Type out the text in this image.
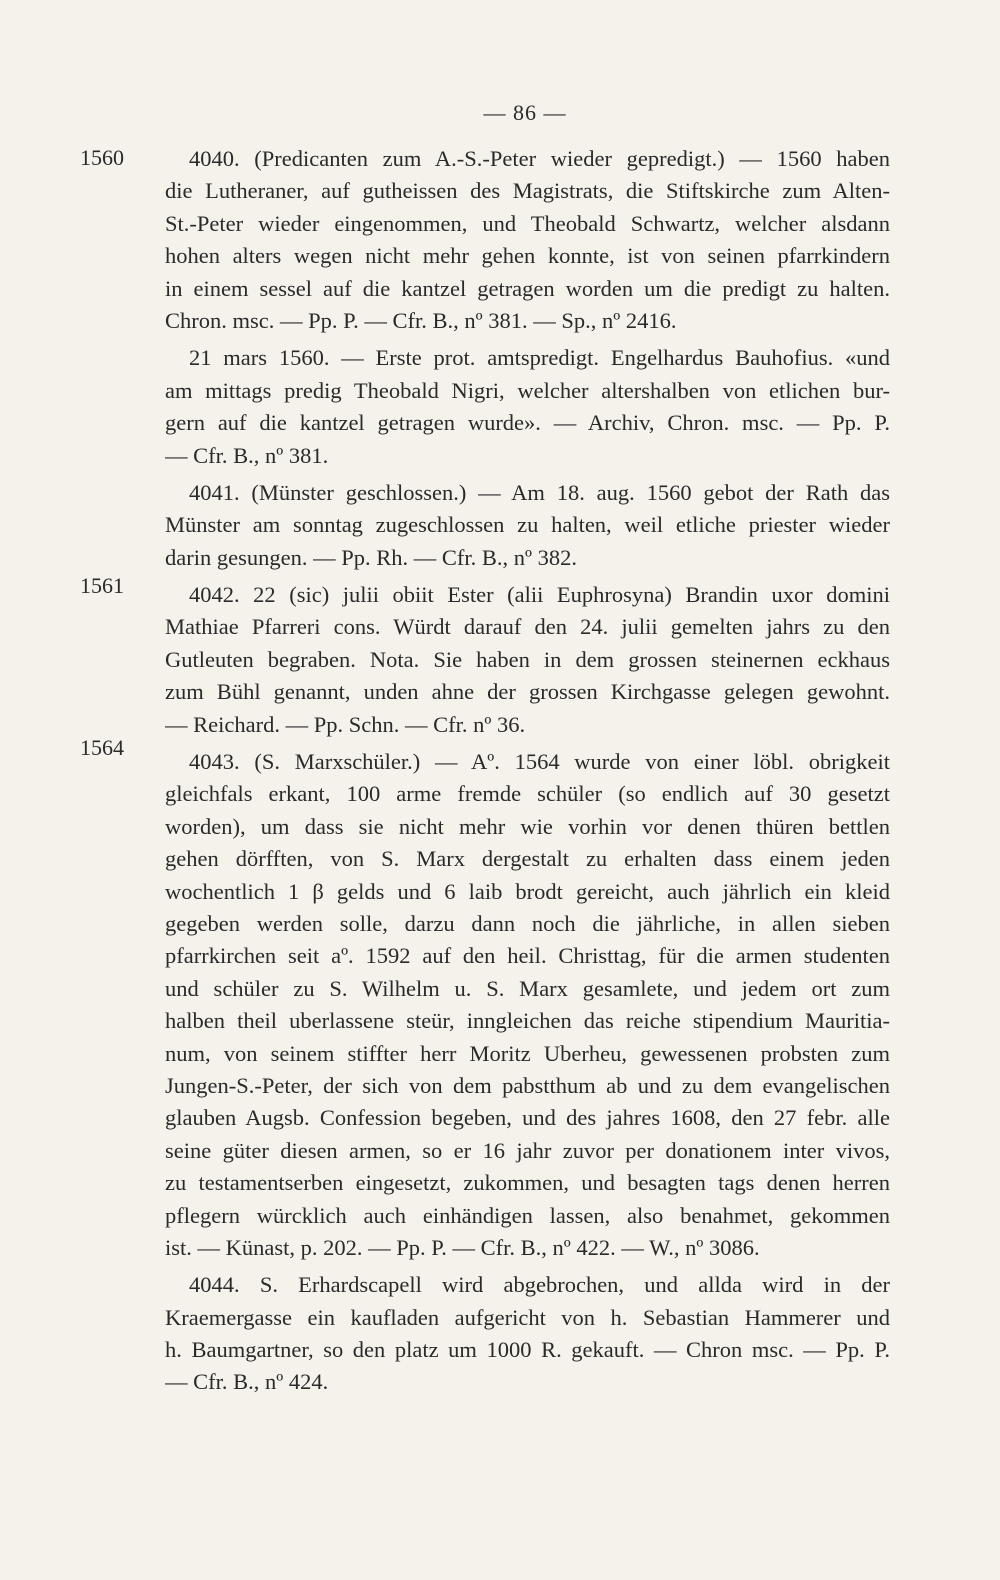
— 86 —
1560
1561
1564
4040. (Predicanten zum A.-S.-Peter wieder gepredigt.) — 1560 haben
die Lutheraner, auf gutheissen des Magistrats, die Stiftskirche zum Alten-
St.-Peter wieder eingenommen, und Theobald Schwartz, welcher alsdann
hohen alters wegen nicht mehr gehen konnte, ist von seinen pfarrkindern
in einem sessel auf die kantzel getragen worden um die predigt zu halten.
Chron. msc. — Pp. P. — Cfr. B., nº 381. — Sp., nº 2416.
21 mars 1560. — Erste prot. amtspredigt. Engelhardus Bauhofius. «und
am mittags predig Theobald Nigri, welcher altershalben von etlichen bur-
gern auf die kantzel getragen wurde». — Archiv, Chron. msc. — Pp. P.
— Cfr. B., nº 381.
4041. (Münster geschlossen.) — Am 18. aug. 1560 gebot der Rath das
Münster am sonntag zugeschlossen zu halten, weil etliche priester wieder
darin gesungen. — Pp. Rh. — Cfr. B., nº 382.
4042. 22 (sic) julii obiit Ester (alii Euphrosyna) Brandin uxor domini
Mathiae Pfarreri cons. Würdt darauf den 24. julii gemelten jahrs zu den
Gutleuten begraben. Nota. Sie haben in dem grossen steinernen eckhaus
zum Bühl genannt, unden ahne der grossen Kirchgasse gelegen gewohnt.
— Reichard. — Pp. Schn. — Cfr. nº 36.
4043. (S. Marxschüler.) — Aº. 1564 wurde von einer löbl. obrigkeit
gleichfals erkant, 100 arme fremde schüler (so endlich auf 30 gesetzt
worden), um dass sie nicht mehr wie vorhin vor denen thüren bettlen
gehen dörfften, von S. Marx dergestalt zu erhalten dass einem jeden
wochentlich 1 β gelds und 6 laib brodt gereicht, auch jährlich ein kleid
gegeben werden solle, darzu dann noch die jährliche, in allen sieben
pfarrkirchen seit aº. 1592 auf den heil. Christtag, für die armen studenten
und schüler zu S. Wilhelm u. S. Marx gesamlete, und jedem ort zum
halben theil uberlassene steür, inngleichen das reiche stipendium Mauritia-
num, von seinem stiffter herr Moritz Uberheu, gewessenen probsten zum
Jungen-S.-Peter, der sich von dem pabstthum ab und zu dem evangelischen
glauben Augsb. Confession begeben, und des jahres 1608, den 27 febr. alle
seine güter diesen armen, so er 16 jahr zuvor per donationem inter vivos,
zu testamentserben eingesetzt, zukommen, und besagten tags denen herren
pflegern würcklich auch einhändigen lassen, also benahmet, gekommen
ist. — Künast, p. 202. — Pp. P. — Cfr. B., nº 422. — W., nº 3086.
4044. S. Erhardscapell wird abgebrochen, und allda wird in der
Kraemergasse ein kaufladen aufgericht von h. Sebastian Hammerer und
h. Baumgartner, so den platz um 1000 R. gekauft. — Chron msc. — Pp. P.
— Cfr. B., nº 424.
